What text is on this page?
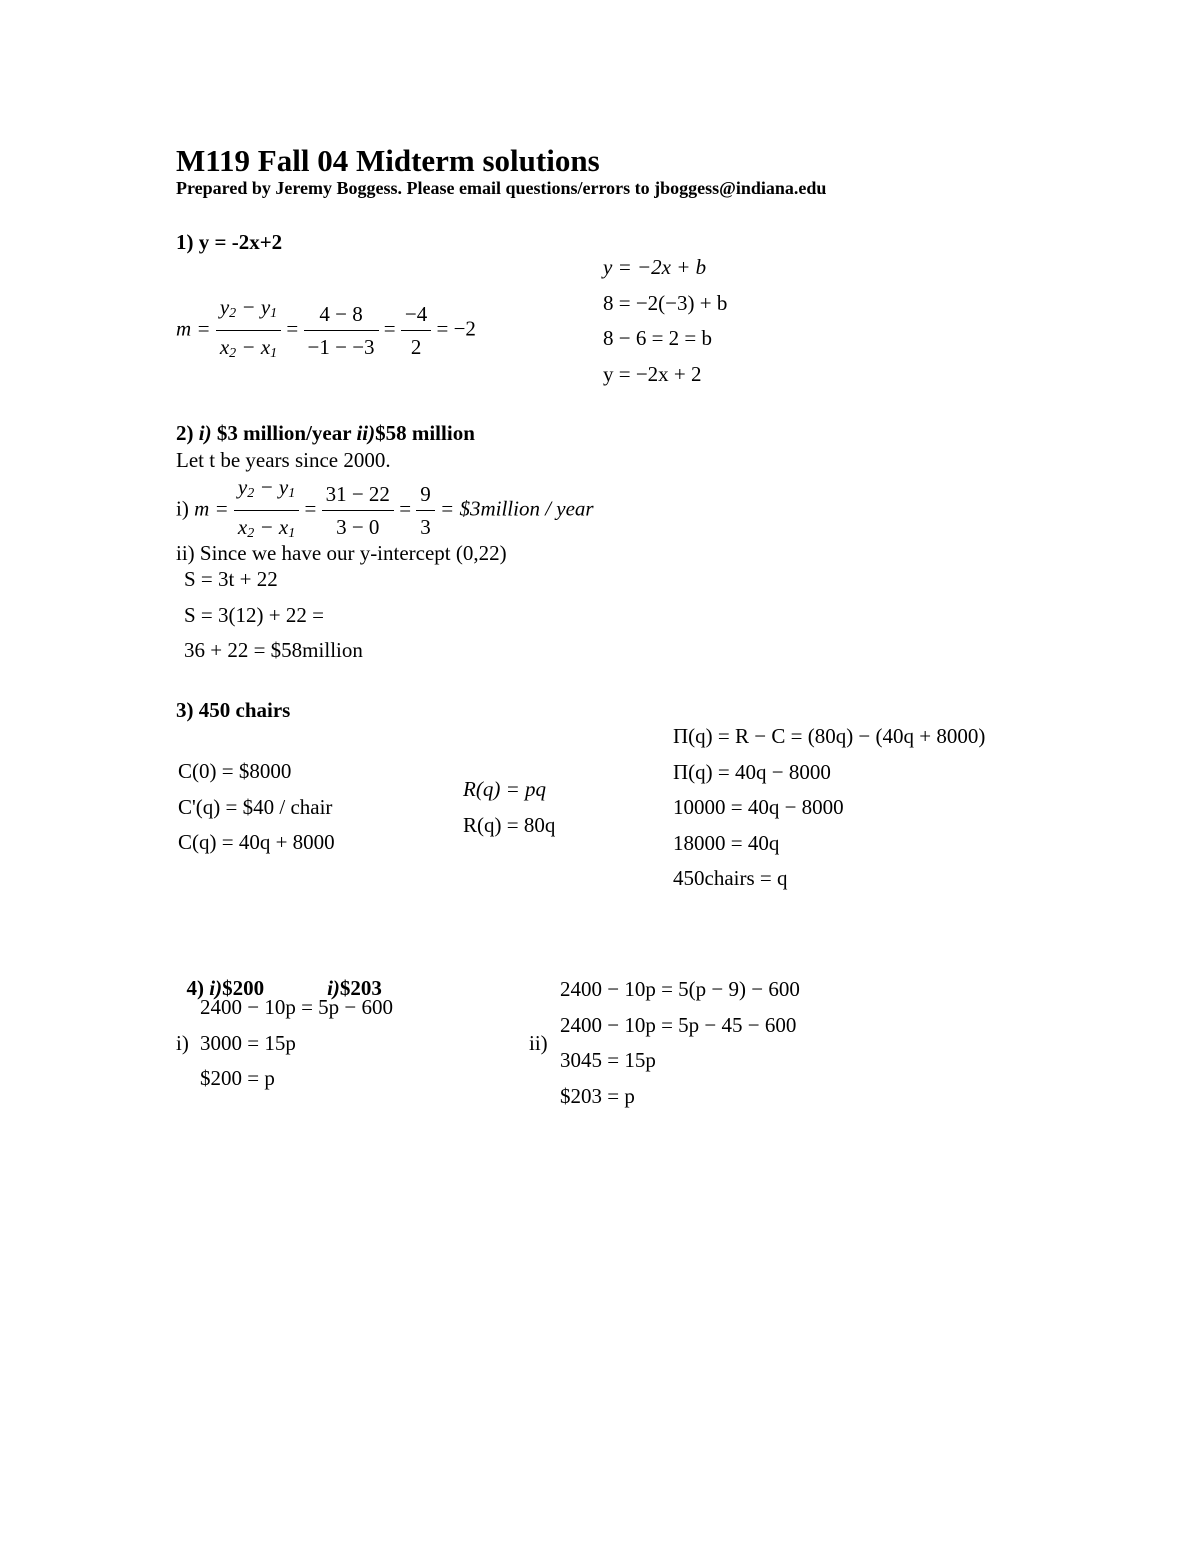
M119 Fall 04 Midterm solutions
Prepared by Jeremy Boggess. Please email questions/errors to jboggess@indiana.edu
1) y = -2x+2
$m = \frac{y_2 - y_1}{x_2 - x_1} = \frac{4 - 8}{-1 - -3} = \frac{-4}{2} = -2$
y = −2x + b
8 = −2(−3) + b
8 − 6 = 2 = b
y = −2x + 2
2) i) $3 million/year ii)$58 million
Let t be years since 2000.
i) $m = \frac{y_2 - y_1}{x_2 - x_1} = \frac{31 - 22}{3 - 0} = \frac{9}{3}$ = $3million / year
ii) Since we have our y-intercept (0,22)
S = 3t + 22
S = 3(12) + 22 =
36 + 22 = $58million
3) 450 chairs
C(0) = $8000
C'(q) = $40 / chair
C(q) = 40q + 8000
R(q) = pq
R(q) = 80q
Π(q) = R − C = (80q) − (40q + 8000)
Π(q) = 40q − 8000
10000 = 40q − 8000
18000 = 40q
450chairs = q

4) i)$200            i)$203

i)
2400 − 10p = 5p − 600
3000 = 15p
$200 = p
ii)
2400 − 10p = 5(p − 9) − 600
2400 − 10p = 5p − 45 − 600
3045 = 15p
$203 = p
